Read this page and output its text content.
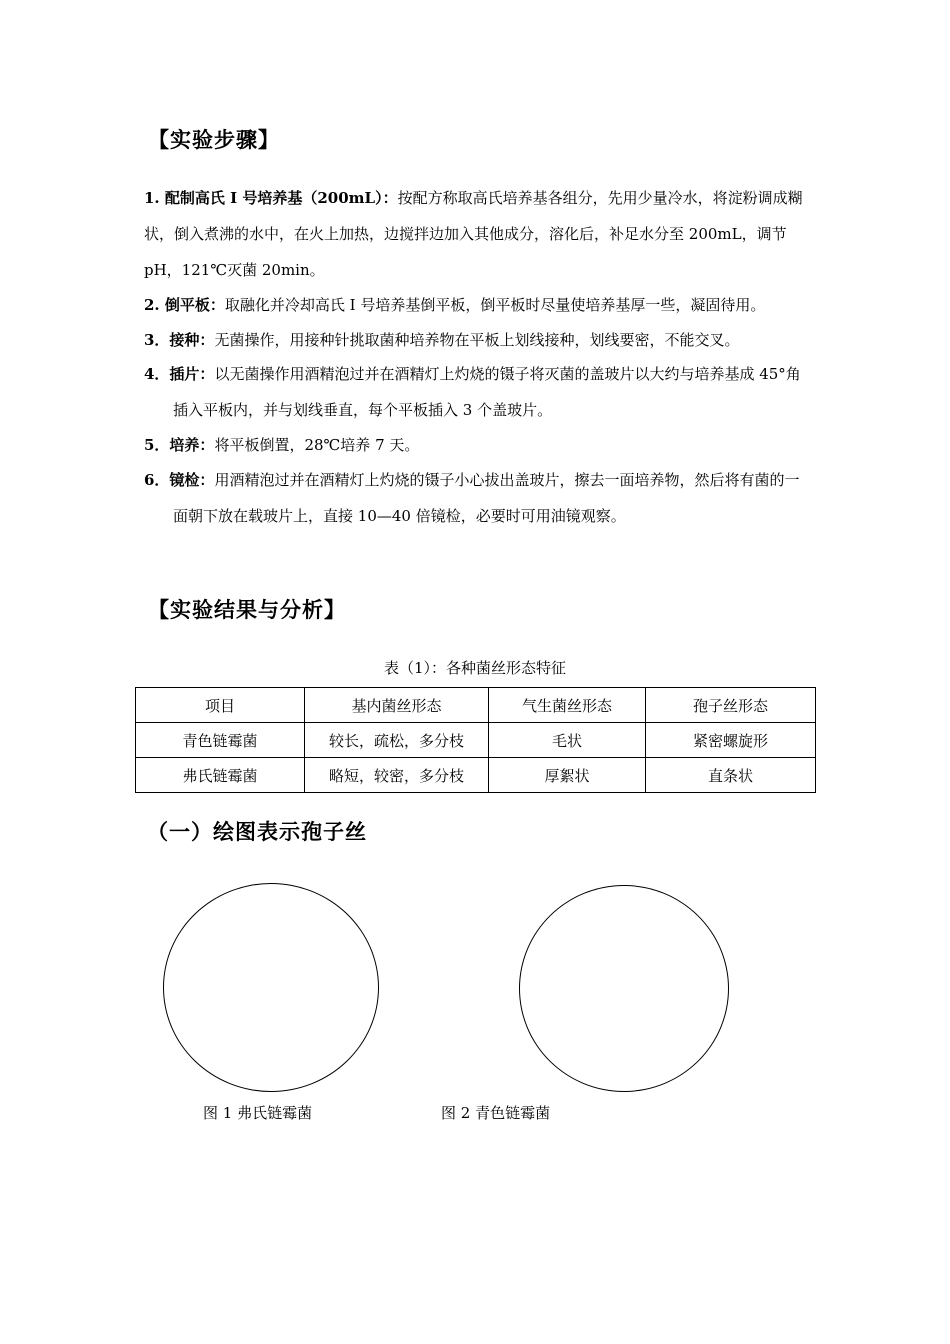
【实验步骤】
1. 配制高氏 I 号培养基（200mL）：按配方称取高氏培养基各组分，先用少量冷水，将淀粉调成糊状，倒入煮沸的水中，在火上加热，边搅拌边加入其他成分，溶化后，补足水分至 200mL，调节 pH，121℃灭菌 20min。
2. 倒平板：取融化并冷却高氏 I 号培养基倒平板，倒平板时尽量使培养基厚一些，凝固待用。
3．接种：无菌操作，用接种针挑取菌种培养物在平板上划线接种，划线要密，不能交叉。
4．插片：以无菌操作用酒精泡过并在酒精灯上灼烧的镊子将灭菌的盖玻片以大约与培养基成 45°角插入平板内，并与划线垂直，每个平板插入 3 个盖玻片。
5．培养：将平板倒置，28℃培养 7 天。
6．镜检：用酒精泡过并在酒精灯上灼烧的镊子小心拔出盖玻片，擦去一面培养物，然后将有菌的一面朝下放在载玻片上，直接 10—40 倍镜检，必要时可用油镜观察。
【实验结果与分析】
表（1）：各种菌丝形态特征
项目	基内菌丝形态	气生菌丝形态	孢子丝形态
青色链霉菌	较长，疏松，多分枝	毛状	紧密螺旋形
弗氏链霉菌	略短，较密，多分枝	厚絮状	直条状
（一）绘图表示孢子丝
图 1 弗氏链霉菌	图 2 青色链霉菌
